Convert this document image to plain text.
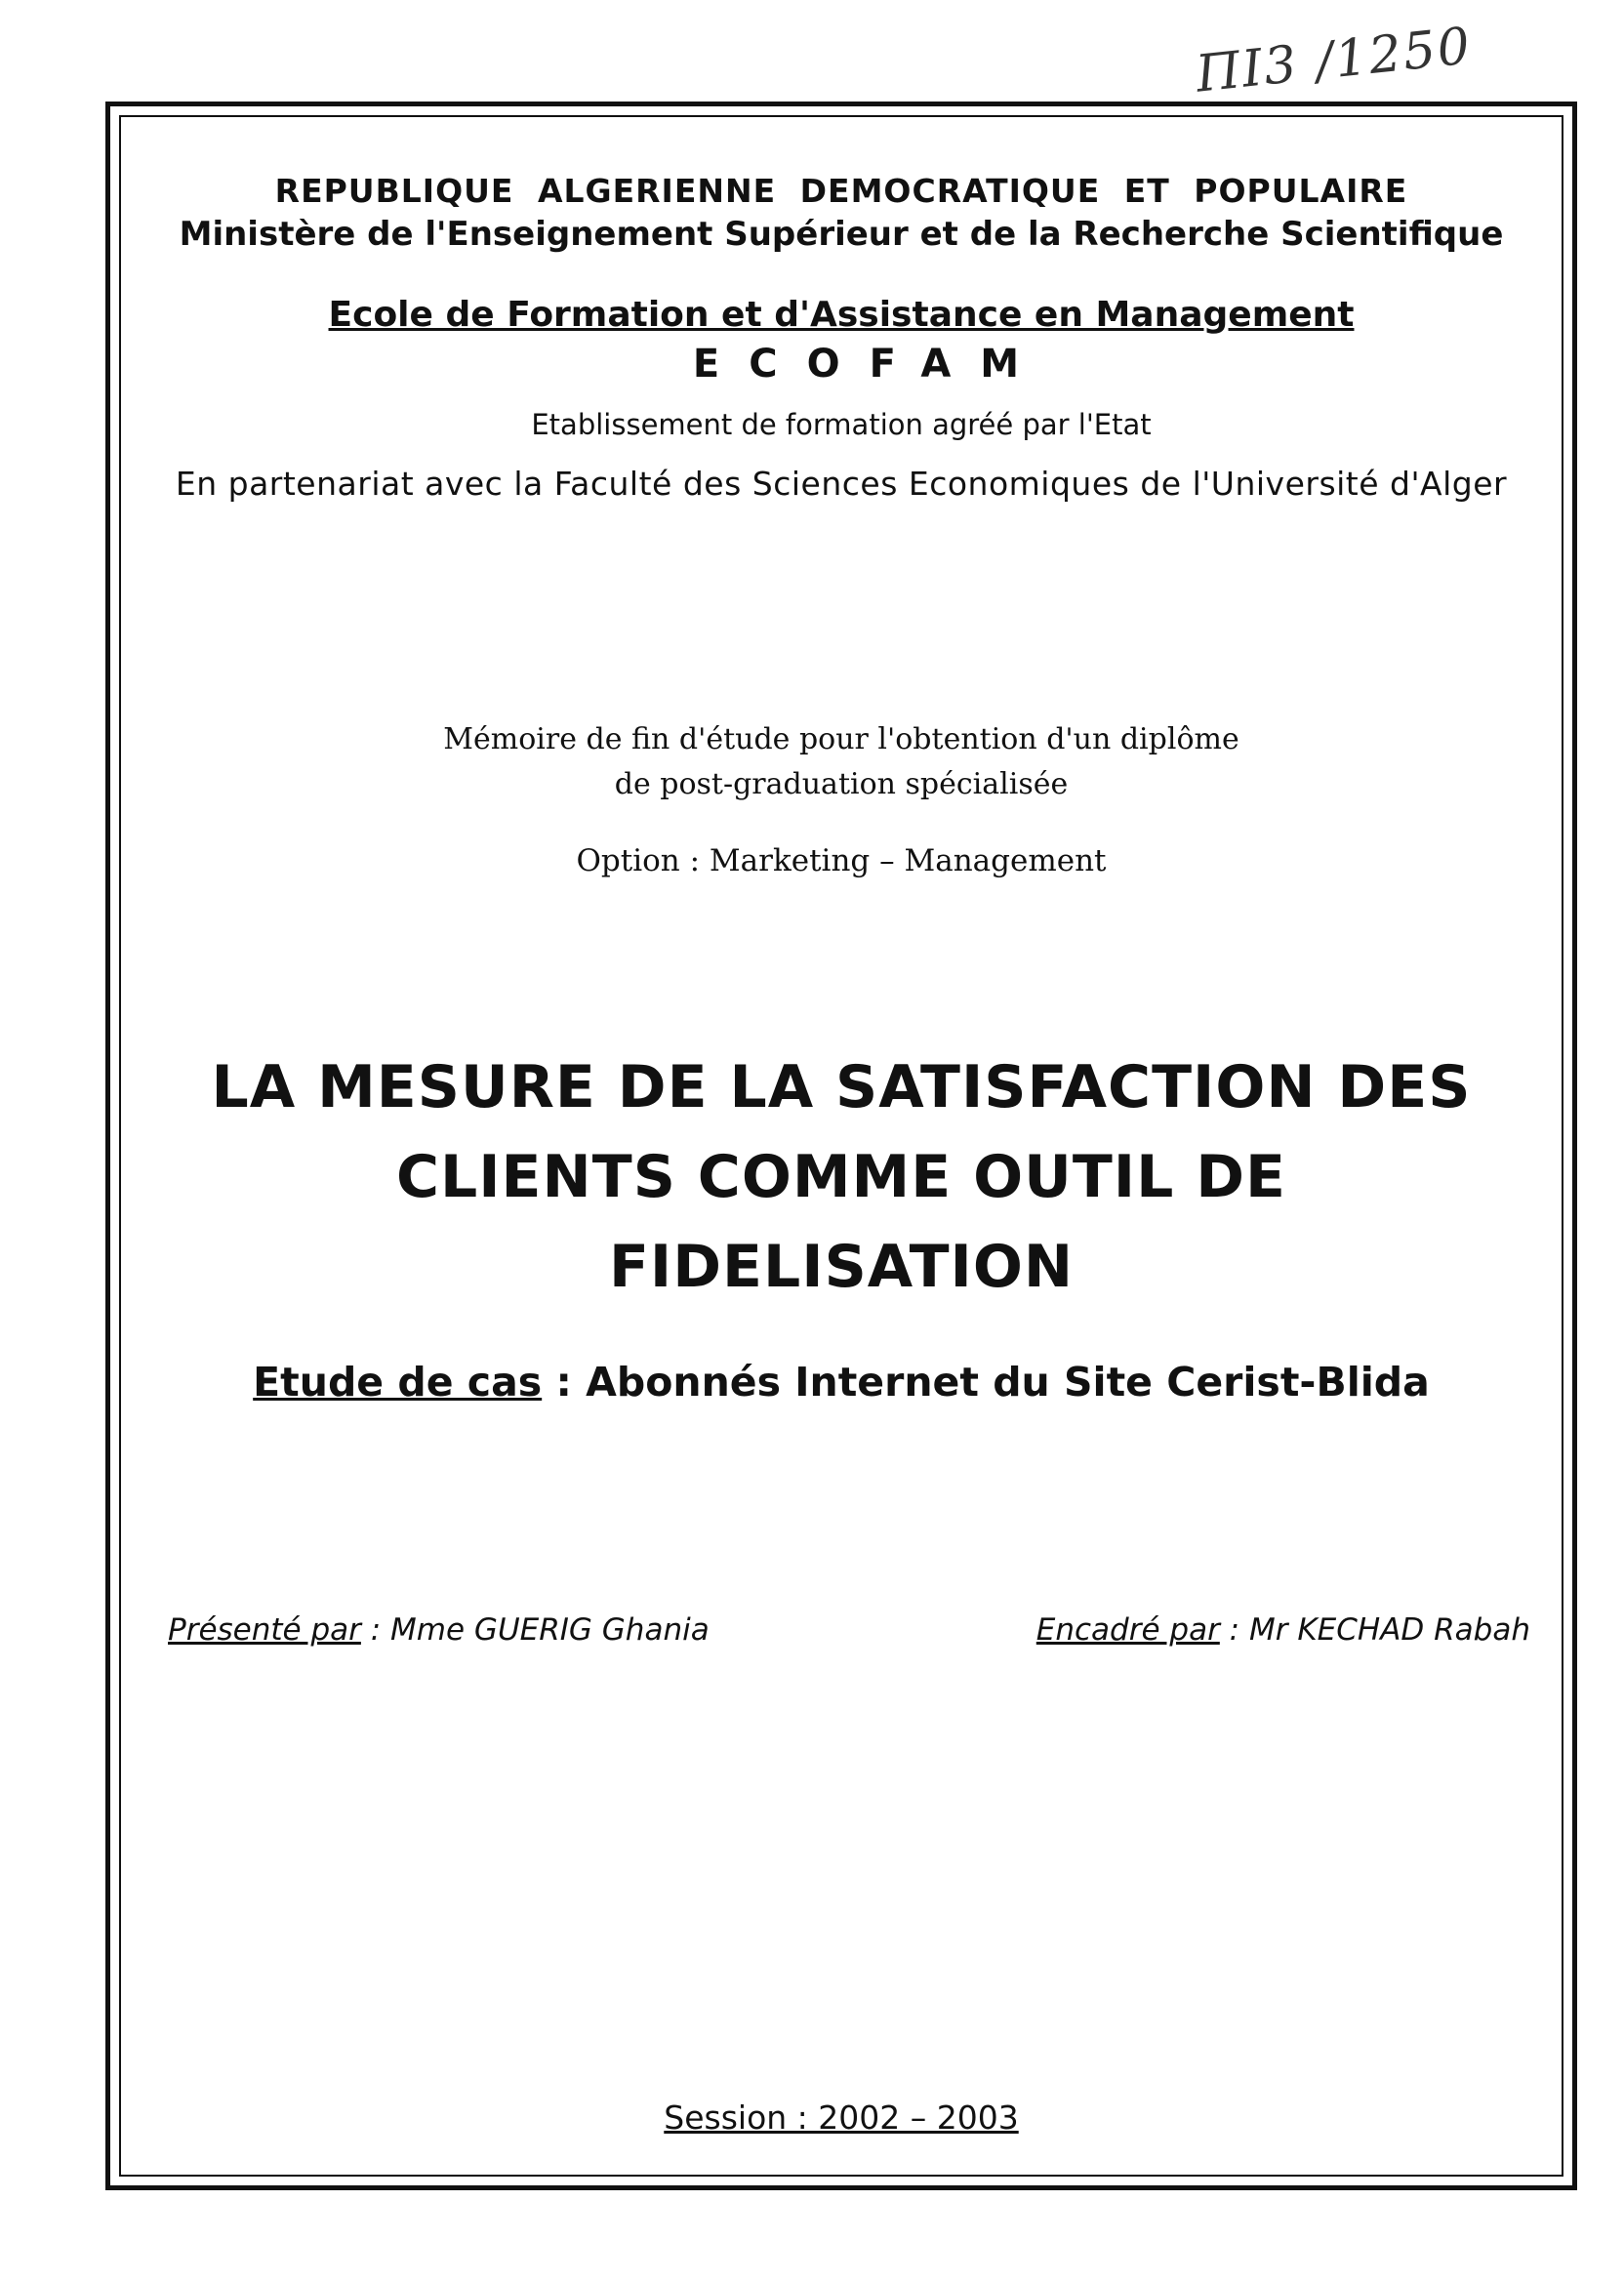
ΠΙ3 /1250
REPUBLIQUE ALGERIENNE DEMOCRATIQUE ET POPULAIRE
Ministère de l'Enseignement Supérieur et de la Recherche Scientifique
Ecole de Formation et d'Assistance en Management
ECOFAM
Etablissement de formation agréé par l'Etat
En partenariat avec la Faculté des Sciences Economiques de l'Université d'Alger
Mémoire de fin d'étude pour l'obtention d'un diplôme
de post-graduation spécialisée
Option : Marketing – Management
LA MESURE DE LA SATISFACTION DES
CLIENTS COMME OUTIL DE
FIDELISATION
Etude de cas : Abonnés Internet du Site Cerist-Blida
Présenté par : Mme GUERIG Ghania	Encadré par : Mr KECHAD Rabah
Session : 2002 – 2003
